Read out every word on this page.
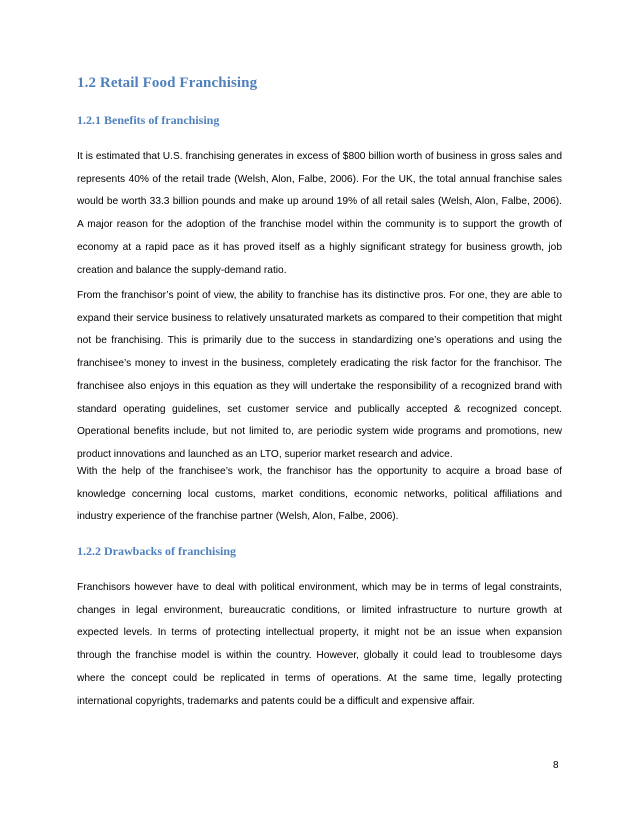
1.2 Retail Food Franchising
1.2.1 Benefits of franchising

It is estimated that U.S. franchising generates in excess of $800 billion worth of business in gross sales and represents 40% of the retail trade (Welsh, Alon, Falbe, 2006). For the UK, the total annual franchise sales would be worth 33.3 billion pounds and make up around 19% of all retail sales (Welsh, Alon, Falbe, 2006). A major reason for the adoption of the franchise model within the community is to support the growth of economy at a rapid pace as it has proved itself as a highly significant strategy for business growth, job creation and balance the supply-demand ratio.

From the franchisor’s point of view, the ability to franchise has its distinctive pros. For one, they are able to expand their service business to relatively unsaturated markets as compared to their competition that might not be franchising. This is primarily due to the success in standardizing one’s operations and using the franchisee’s money to invest in the business, completely eradicating the risk factor for the franchisor. The franchisee also enjoys in this equation as they will undertake the responsibility of a recognized brand with standard operating guidelines, set customer service and publically accepted & recognized concept. Operational benefits include, but not limited to, are periodic system wide programs and promotions, new product innovations and launched as an LTO, superior market research and advice.

With the help of the franchisee’s work, the franchisor has the opportunity to acquire a broad base of knowledge concerning local customs, market conditions, economic networks, political affiliations and industry experience of the franchise partner (Welsh, Alon, Falbe, 2006).

1.2.2 Drawbacks of franchising

Franchisors however have to deal with political environment, which may be in terms of legal constraints, changes in legal environment, bureaucratic conditions, or limited infrastructure to nurture growth at expected levels. In terms of protecting intellectual property, it might not be an issue when expansion through the franchise model is within the country. However, globally it could lead to troublesome days where the concept could be replicated in terms of operations. At the same time, legally protecting international copyrights, trademarks and patents could be a difficult and expensive affair.

8
